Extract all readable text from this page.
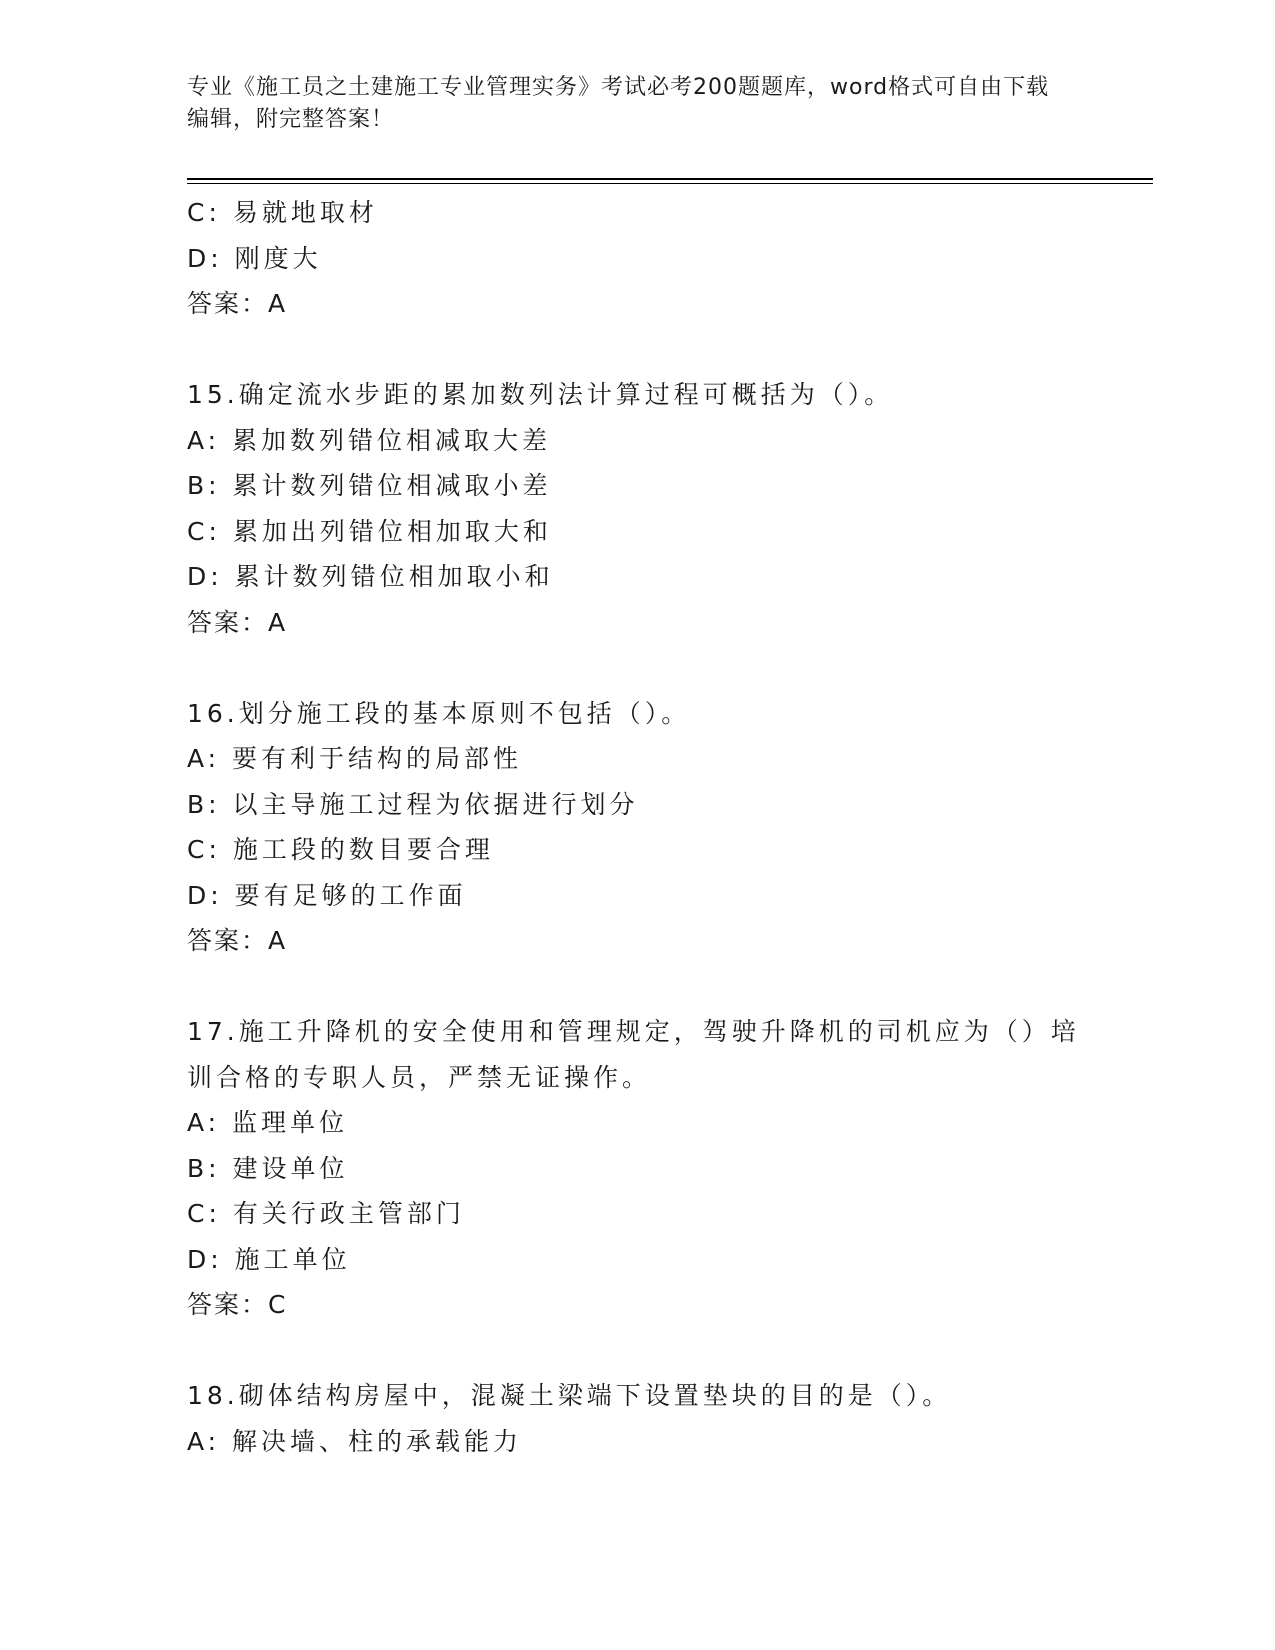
专业《施工员之土建施工专业管理实务》考试必考200题题库，word格式可自由下载编辑，附完整答案！
C: 易就地取材
D: 刚度大
答案：A
15.确定流水步距的累加数列法计算过程可概括为（）。
A: 累加数列错位相减取大差
B: 累计数列错位相减取小差
C: 累加出列错位相加取大和
D: 累计数列错位相加取小和
答案：A
16.划分施工段的基本原则不包括（）。
A: 要有利于结构的局部性
B: 以主导施工过程为依据进行划分
C: 施工段的数目要合理
D: 要有足够的工作面
答案：A
17.施工升降机的安全使用和管理规定，驾驶升降机的司机应为（）培
训合格的专职人员，严禁无证操作。
A: 监理单位
B: 建设单位
C: 有关行政主管部门
D: 施工单位
答案：C
18.砌体结构房屋中，混凝土梁端下设置垫块的目的是（）。
A: 解决墙、柱的承载能力
